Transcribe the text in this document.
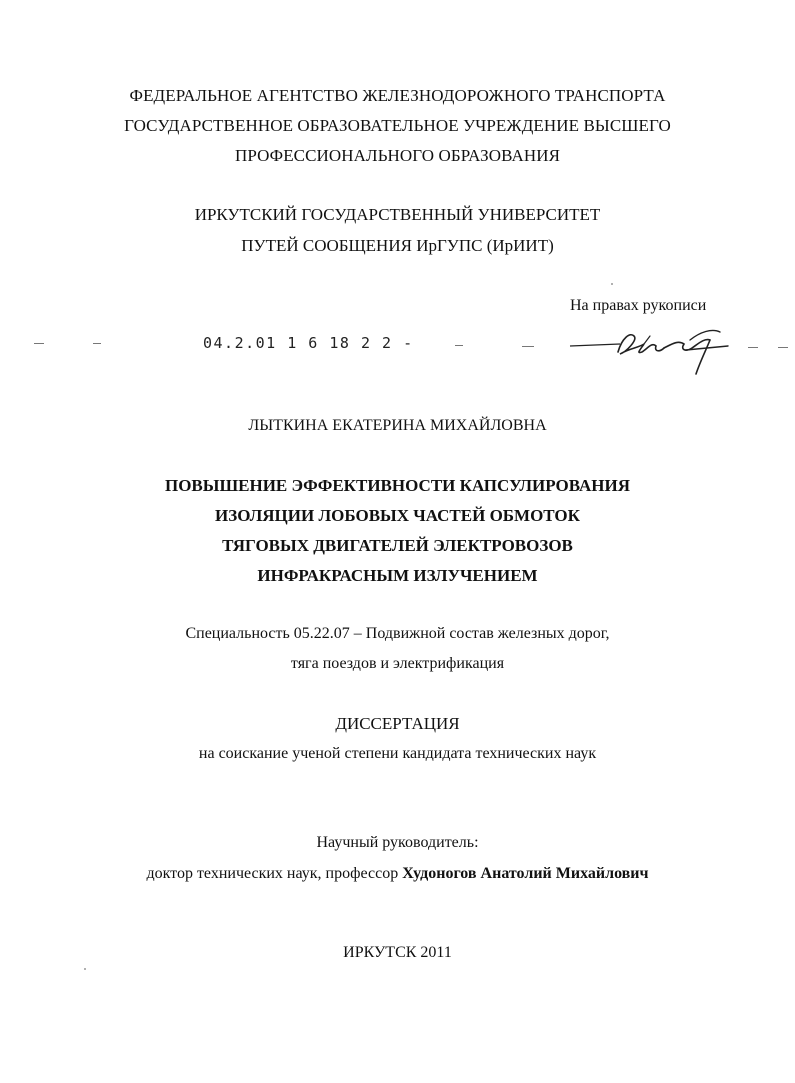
ФЕДЕРАЛЬНОЕ АГЕНТСТВО ЖЕЛЕЗНОДОРОЖНОГО ТРАНСПОРТА
ГОСУДАРСТВЕННОЕ ОБРАЗОВАТЕЛЬНОЕ УЧРЕЖДЕНИЕ ВЫСШЕГО
ПРОФЕССИОНАЛЬНОГО ОБРАЗОВАНИЯ
ИРКУТСКИЙ ГОСУДАРСТВЕННЫЙ УНИВЕРСИТЕТ
ПУТЕЙ СООБЩЕНИЯ ИрГУПС (ИрИИТ)
На правах рукописи
04.2.01 1 6 18 2 2 -
ЛЫТКИНА ЕКАТЕРИНА МИХАЙЛОВНА
ПОВЫШЕНИЕ ЭФФЕКТИВНОСТИ КАПСУЛИРОВАНИЯ
ИЗОЛЯЦИИ ЛОБОВЫХ ЧАСТЕЙ ОБМОТОК
ТЯГОВЫХ ДВИГАТЕЛЕЙ ЭЛЕКТРОВОЗОВ
ИНФРАКРАСНЫМ ИЗЛУЧЕНИЕМ
Специальность 05.22.07 – Подвижной состав железных дорог,
тяга поездов и электрификация
ДИССЕРТАЦИЯ
на соискание ученой степени кандидата технических наук
Научный руководитель:
доктор технических наук, профессор Худоногов Анатолий Михайлович
ИРКУТСК 2011
